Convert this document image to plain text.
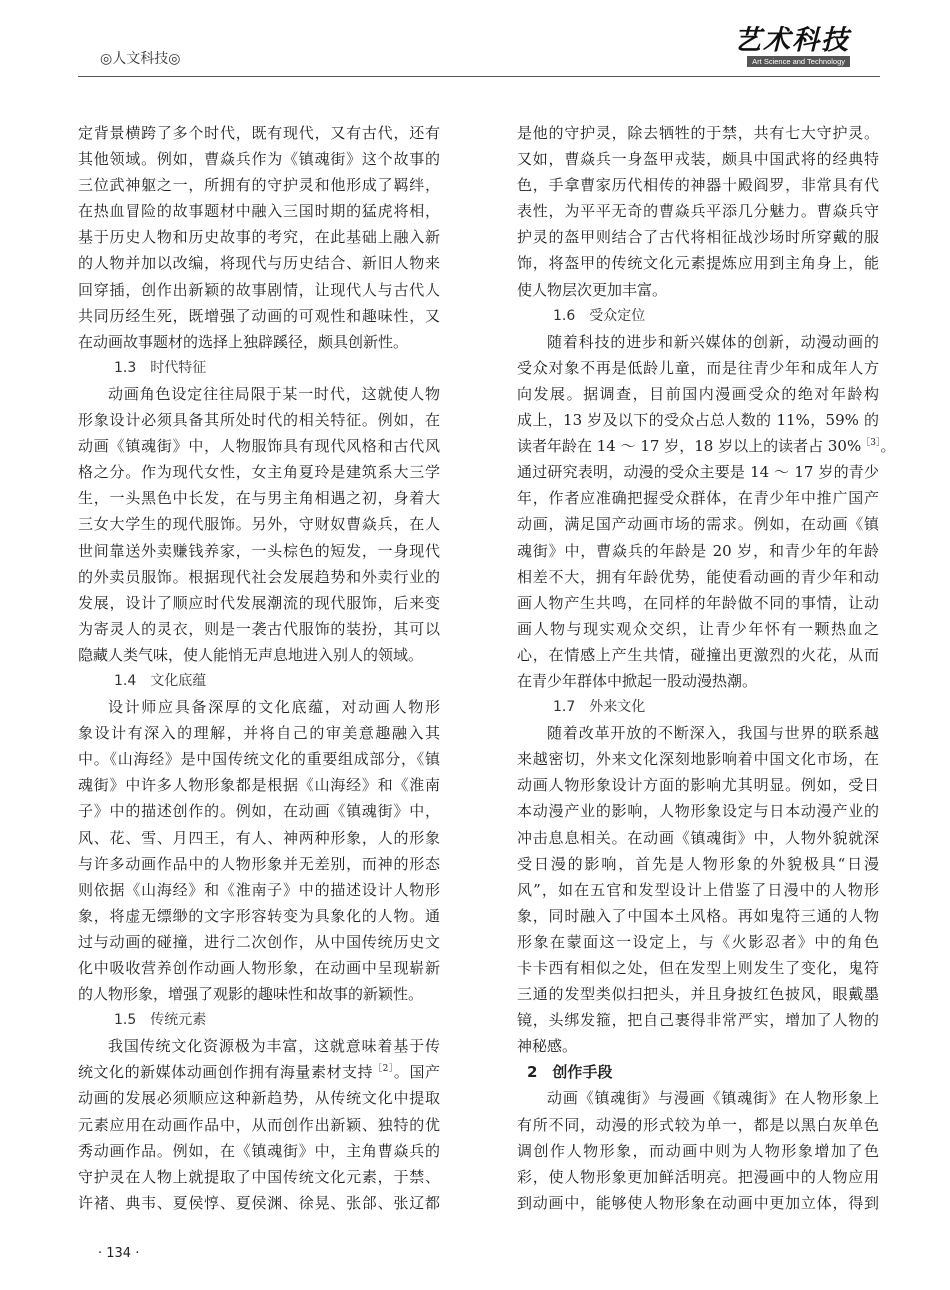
◎人文科技◎
艺术科技
Art Science and Technology
定背景横跨了多个时代，既有现代，又有古代，还有
其他领域。例如，曹焱兵作为《镇魂街》这个故事的
三位武神躯之一，所拥有的守护灵和他形成了羁绊，
在热血冒险的故事题材中融入三国时期的猛虎将相，
基于历史人物和历史故事的考究，在此基础上融入新
的人物并加以改编，将现代与历史结合、新旧人物来
回穿插，创作出新颖的故事剧情，让现代人与古代人
共同历经生死，既增强了动画的可观性和趣味性，又
在动画故事题材的选择上独辟蹊径，颇具创新性。
1.3　时代特征
动画角色设定往往局限于某一时代，这就使人物
形象设计必须具备其所处时代的相关特征。例如，在
动画《镇魂街》中，人物服饰具有现代风格和古代风
格之分。作为现代女性，女主角夏玲是建筑系大三学
生，一头黑色中长发，在与男主角相遇之初，身着大
三女大学生的现代服饰。另外，守财奴曹焱兵，在人
世间靠送外卖赚钱养家，一头棕色的短发，一身现代
的外卖员服饰。根据现代社会发展趋势和外卖行业的
发展，设计了顺应时代发展潮流的现代服饰，后来变
为寄灵人的灵衣，则是一袭古代服饰的装扮，其可以
隐藏人类气味，使人能悄无声息地进入别人的领域。
1.4　文化底蕴
设计师应具备深厚的文化底蕴，对动画人物形
象设计有深入的理解，并将自己的审美意趣融入其
中。《山海经》是中国传统文化的重要组成部分，《镇
魂街》中许多人物形象都是根据《山海经》和《淮南
子》中的描述创作的。例如，在动画《镇魂街》中，
风、花、雪、月四王，有人、神两种形象，人的形象
与许多动画作品中的人物形象并无差别，而神的形态
则依据《山海经》和《淮南子》中的描述设计人物形
象，将虚无缥缈的文字形容转变为具象化的人物。通
过与动画的碰撞，进行二次创作，从中国传统历史文
化中吸收营养创作动画人物形象，在动画中呈现崭新
的人物形象，增强了观影的趣味性和故事的新颖性。
1.5　传统元素
我国传统文化资源极为丰富，这就意味着基于传
统文化的新媒体动画创作拥有海量素材支持$^{[2]}$。国产
动画的发展必须顺应这种新趋势，从传统文化中提取
元素应用在动画作品中，从而创作出新颖、独特的优
秀动画作品。例如，在《镇魂街》中，主角曹焱兵的
守护灵在人物上就提取了中国传统文化元素，于禁、
许褚、典韦、夏侯惇、夏侯渊、徐晃、张郃、张辽都
是他的守护灵，除去牺牲的于禁，共有七大守护灵。
又如，曹焱兵一身盔甲戎装，颇具中国武将的经典特
色，手拿曹家历代相传的神器十殿阎罗，非常具有代
表性，为平平无奇的曹焱兵平添几分魅力。曹焱兵守
护灵的盔甲则结合了古代将相征战沙场时所穿戴的服
饰，将盔甲的传统文化元素提炼应用到主角身上，能
使人物层次更加丰富。
1.6　受众定位
随着科技的进步和新兴媒体的创新，动漫动画的
受众对象不再是低龄儿童，而是往青少年和成年人方
向发展。据调查，目前国内漫画受众的绝对年龄构
成上，13 岁及以下的受众占总人数的 11%，59% 的
读者年龄在 14 ～ 17 岁，18 岁以上的读者占 30%$^{[3]}$。
通过研究表明，动漫的受众主要是 14 ～ 17 岁的青少
年，作者应准确把握受众群体，在青少年中推广国产
动画，满足国产动画市场的需求。例如，在动画《镇
魂街》中，曹焱兵的年龄是 20 岁，和青少年的年龄
相差不大，拥有年龄优势，能使看动画的青少年和动
画人物产生共鸣，在同样的年龄做不同的事情，让动
画人物与现实观众交织，让青少年怀有一颗热血之
心，在情感上产生共情，碰撞出更激烈的火花，从而
在青少年群体中掀起一股动漫热潮。
1.7　外来文化
随着改革开放的不断深入，我国与世界的联系越
来越密切，外来文化深刻地影响着中国文化市场，在
动画人物形象设计方面的影响尤其明显。例如，受日
本动漫产业的影响，人物形象设定与日本动漫产业的
冲击息息相关。在动画《镇魂街》中，人物外貌就深
受日漫的影响，首先是人物形象的外貌极具“日漫
风”，如在五官和发型设计上借鉴了日漫中的人物形
象，同时融入了中国本土风格。再如鬼符三通的人物
形象在蒙面这一设定上，与《火影忍者》中的角色
卡卡西有相似之处，但在发型上则发生了变化，鬼符
三通的发型类似扫把头，并且身披红色披风，眼戴墨
镜，头绑发箍，把自己裹得非常严实，增加了人物的
神秘感。
2　创作手段
动画《镇魂街》与漫画《镇魂街》在人物形象上
有所不同，动漫的形式较为单一，都是以黑白灰单色
调创作人物形象，而动画中则为人物形象增加了色
彩，使人物形象更加鲜活明亮。把漫画中的人物应用
到动画中，能够使人物形象在动画中更加立体，得到
· 134 ·
